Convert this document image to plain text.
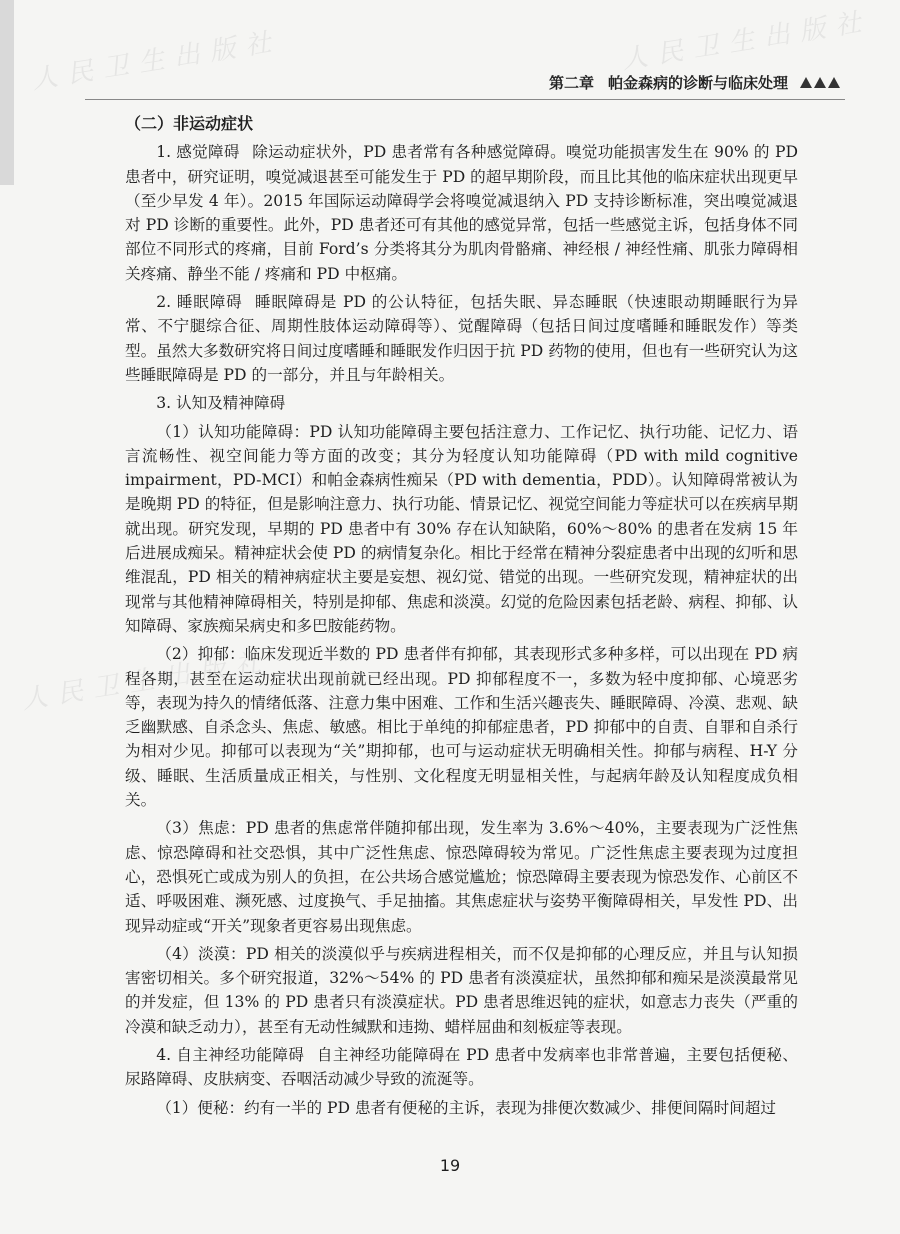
人民卫生出版社	人民卫生出版社
人民卫生出版社
第二章 帕金森病的诊断与临床处理
（二）非运动症状

1. 感觉障碍 除运动症状外，PD 患者常有各种感觉障碍。嗅觉功能损害发生在 90% 的 PD 患者中，研究证明，嗅觉减退甚至可能发生于 PD 的超早期阶段，而且比其他的临床症状出现更早（至少早发 4 年）。2015 年国际运动障碍学会将嗅觉减退纳入 PD 支持诊断标准，突出嗅觉减退对 PD 诊断的重要性。此外，PD 患者还可有其他的感觉异常，包括一些感觉主诉，包括身体不同部位不同形式的疼痛，目前 Ford’s 分类将其分为肌肉骨骼痛、神经根 / 神经性痛、肌张力障碍相关疼痛、静坐不能 / 疼痛和 PD 中枢痛。

2. 睡眠障碍 睡眠障碍是 PD 的公认特征，包括失眠、异态睡眠（快速眼动期睡眠行为异常、不宁腿综合征、周期性肢体运动障碍等）、觉醒障碍（包括日间过度嗜睡和睡眠发作）等类型。虽然大多数研究将日间过度嗜睡和睡眠发作归因于抗 PD 药物的使用，但也有一些研究认为这些睡眠障碍是 PD 的一部分，并且与年龄相关。

3. 认知及精神障碍

（1）认知功能障碍：PD 认知功能障碍主要包括注意力、工作记忆、执行功能、记忆力、语言流畅性、视空间能力等方面的改变；其分为轻度认知功能障碍（PD with mild cognitive impairment，PD-MCI）和帕金森病性痴呆（PD with dementia，PDD）。认知障碍常被认为是晚期 PD 的特征，但是影响注意力、执行功能、情景记忆、视觉空间能力等症状可以在疾病早期就出现。研究发现，早期的 PD 患者中有 30% 存在认知缺陷，60%～80% 的患者在发病 15 年后进展成痴呆。精神症状会使 PD 的病情复杂化。相比于经常在精神分裂症患者中出现的幻听和思维混乱，PD 相关的精神病症状主要是妄想、视幻觉、错觉的出现。一些研究发现，精神症状的出现常与其他精神障碍相关，特别是抑郁、焦虑和淡漠。幻觉的危险因素包括老龄、病程、抑郁、认知障碍、家族痴呆病史和多巴胺能药物。

（2）抑郁：临床发现近半数的 PD 患者伴有抑郁，其表现形式多种多样，可以出现在 PD 病程各期，甚至在运动症状出现前就已经出现。PD 抑郁程度不一，多数为轻中度抑郁、心境恶劣等，表现为持久的情绪低落、注意力集中困难、工作和生活兴趣丧失、睡眠障碍、冷漠、悲观、缺乏幽默感、自杀念头、焦虑、敏感。相比于单纯的抑郁症患者，PD 抑郁中的自责、自罪和自杀行为相对少见。抑郁可以表现为“关”期抑郁，也可与运动症状无明确相关性。抑郁与病程、H-Y 分级、睡眠、生活质量成正相关，与性别、文化程度无明显相关性，与起病年龄及认知程度成负相关。

（3）焦虑：PD 患者的焦虑常伴随抑郁出现，发生率为 3.6%～40%，主要表现为广泛性焦虑、惊恐障碍和社交恐惧，其中广泛性焦虑、惊恐障碍较为常见。广泛性焦虑主要表现为过度担心，恐惧死亡或成为别人的负担，在公共场合感觉尴尬；惊恐障碍主要表现为惊恐发作、心前区不适、呼吸困难、濒死感、过度换气、手足抽搐。其焦虑症状与姿势平衡障碍相关，早发性 PD、出现异动症或“开关”现象者更容易出现焦虑。

（4）淡漠：PD 相关的淡漠似乎与疾病进程相关，而不仅是抑郁的心理反应，并且与认知损害密切相关。多个研究报道，32%～54% 的 PD 患者有淡漠症状，虽然抑郁和痴呆是淡漠最常见的并发症，但 13% 的 PD 患者只有淡漠症状。PD 患者思维迟钝的症状，如意志力丧失（严重的冷漠和缺乏动力），甚至有无动性缄默和违拗、蜡样屈曲和刻板症等表现。

4. 自主神经功能障碍 自主神经功能障碍在 PD 患者中发病率也非常普遍，主要包括便秘、尿路障碍、皮肤病变、吞咽活动减少导致的流涎等。

（1）便秘：约有一半的 PD 患者有便秘的主诉，表现为排便次数减少、排便间隔时间超过

19
